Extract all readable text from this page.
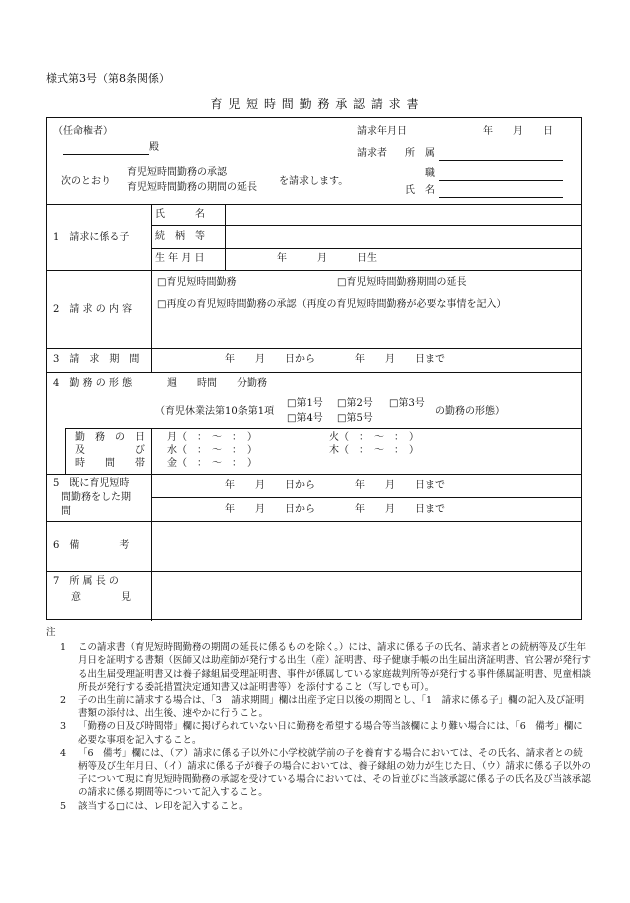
様式第3号（第8条関係）
育 児 短 時 間 勤 務 承 認 請 求 書
（任命権者）
殿
請求年月日	年　　月　　日
請求者 所　属
職
氏　名
次のとおり
育児短時間勤務の承認
育児短時間勤務の期間の延長
を請求します。
1　請求に係る子
氏　　　名
続　柄　等
生 年 月 日	年　　　月　　　日生
2　請 求 の 内 容
□育児短時間勤務	□育児短時間勤務期間の延長
□再度の育児短時間勤務の承認（再度の育児短時間勤務が必要な事情を記入）
3　請　求　期　間	年　　月　　日から　　　　年　　月　　日まで
4　勤 務 の 形 態	週　　時間　　分勤務
（育児休業法第10条第1項
□第1号 □第2号 □第3号
□第4号 □第5号
の勤務の形態）
勤　務　の　日
及　　　　　び
時　　間　　帯
月（　：　～　：　）	火（　：　～　：　）
水（　：　～　：　）	木（　：　～　：　）
金（　：　～　：　）
5　既に育児短時
間勤務をした期
間
年　　月　　日から　　　　年　　月　　日まで
年　　月　　日から　　　　年　　月　　日まで
6　備　　　　考
7　所 属 長 の
意　　　　見
注
1 この請求書（育児短時間勤務の期間の延長に係るものを除く。）には、請求に係る子の氏名、請求者との続柄等及び生年月日を証明する書類（医師又は助産師が発行する出生（産）証明書、母子健康手帳の出生届出済証明書、官公署が発行する出生届受理証明書又は養子縁組届受理証明書、事件が係属している家庭裁判所等が発行する事件係属証明書、児童相談所長が発行する委託措置決定通知書又は証明書等）を添付すること（写しでも可）。
2 子の出生前に請求する場合は、「3　請求期間」欄は出産予定日以後の期間とし、「1　請求に係る子」欄の記入及び証明書類の添付は、出生後、速やかに行うこと。
3 「勤務の日及び時間帯」欄に掲げられていない日に勤務を希望する場合等当該欄により難い場合には、「6　備考」欄に必要な事項を記入すること。
4 「6　備考」欄には、（ア）請求に係る子以外に小学校就学前の子を養育する場合においては、その氏名、請求者との続柄等及び生年月日、（イ）請求に係る子が養子の場合においては、養子縁組の効力が生じた日、（ウ）請求に係る子以外の子について現に育児短時間勤務の承認を受けている場合においては、その旨並びに当該承認に係る子の氏名及び当該承認の請求に係る期間等について記入すること。
5 該当する□には、レ印を記入すること。
